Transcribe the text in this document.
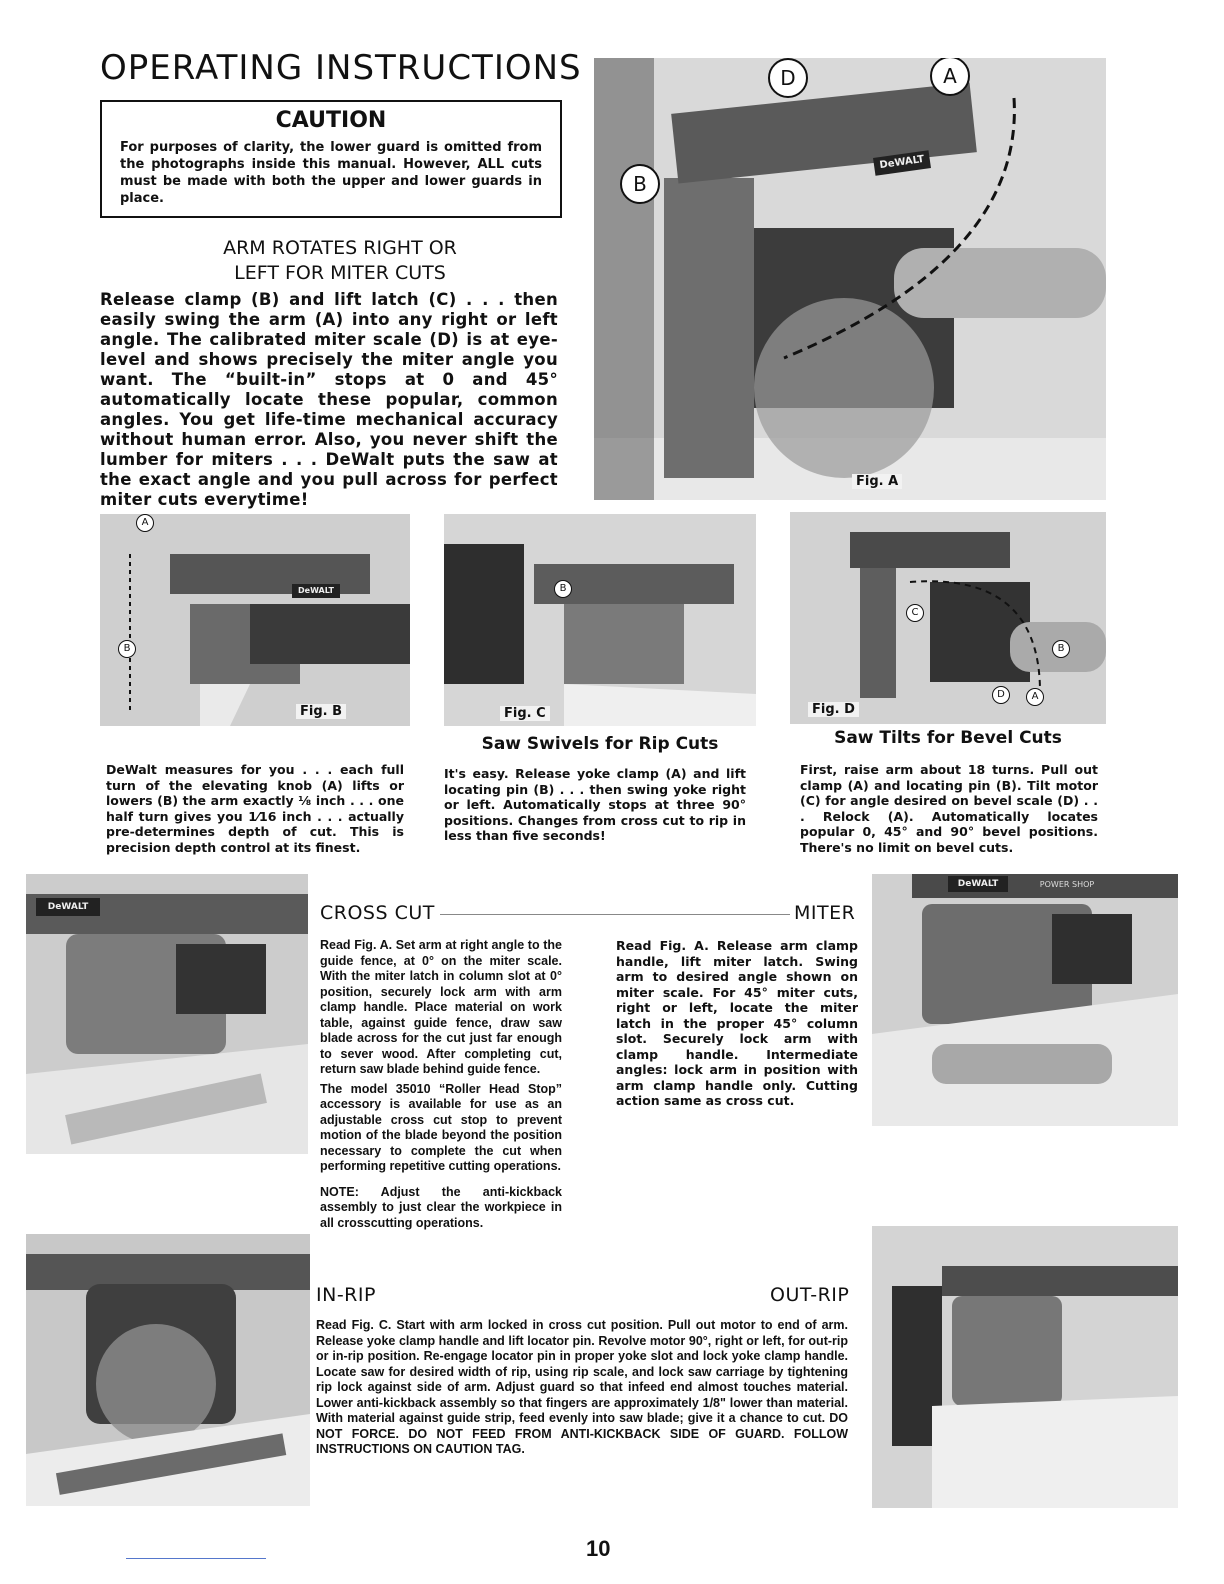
OPERATING INSTRUCTIONS
CAUTION
For purposes of clarity, the lower guard is omitted from the photographs inside this manual. However, ALL cuts must be made with both the upper and lower guards in place.
ARM ROTATES RIGHT OR
LEFT FOR MITER CUTS
Release clamp (B) and lift latch (C) . . . then easily swing the arm (A) into any right or left angle. The calibrated miter scale (D) is at eye-level and shows precisely the miter angle you want. The “built-in” stops at 0 and 45° automatically locate these popular, common angles. You get life-time mechanical accuracy without human error. Also, you never shift the lumber for miters . . . DeWalt puts the saw at the exact angle and you pull across for perfect miter cuts everytime!
DeWALT
D	A
B
Fig. A
DeWALT
A
B
Fig. B
B
Fig. C
C
B
D	A
Fig. D
DeWalt measures for you . . . each full turn of the elevating knob (A) lifts or lowers (B) the arm exactly ⅛ inch . . . one half turn gives you 1⁄16 inch . . . actually pre-determines depth of cut. This is precision depth control at its finest.
Saw Swivels for Rip Cuts
It's easy. Release yoke clamp (A) and lift locating pin (B) . . . then swing yoke right or left. Automatically stops at three 90° positions. Changes from cross cut to rip in less than five seconds!
Saw Tilts for Bevel Cuts
First, raise arm about 18 turns. Pull out clamp (A) and locating pin (B). Tilt motor (C) for angle desired on bevel scale (D) . . . Relock (A). Automatically locates popular 0, 45° and 90° bevel positions. There's no limit on bevel cuts.
DeWALT
DeWALT	POWER SHOP
CROSS CUT	MITER
Read Fig. A. Set arm at right angle to the guide fence, at 0° on the miter scale. With the miter latch in column slot at 0° position, securely lock arm with arm clamp handle. Place material on work table, against guide fence, draw saw blade across for the cut just far enough to sever wood. After completing cut, return saw blade behind guide fence.
The model 35010 “Roller Head Stop” accessory is available for use as an adjustable cross cut stop to prevent motion of the blade beyond the position necessary to complete the cut when performing repetitive cutting operations.
NOTE: Adjust the anti-kickback assembly to just clear the workpiece in all crosscutting operations.
Read Fig. A. Release arm clamp handle, lift miter latch. Swing arm to desired angle shown on miter scale. For 45° miter cuts, right or left, locate the miter latch in the proper 45° column slot. Securely lock arm with clamp handle. Intermediate angles: lock arm in position with arm clamp handle only. Cutting action same as cross cut.
IN-RIP	OUT-RIP
Read Fig. C. Start with arm locked in cross cut position. Pull out motor to end of arm. Release yoke clamp handle and lift locator pin. Revolve motor 90°, right or left, for out-rip or in-rip position. Re-engage locator pin in proper yoke slot and lock yoke clamp handle. Locate saw for desired width of rip, using rip scale, and lock saw carriage by tightening rip lock against side of arm. Adjust guard so that infeed end almost touches material. Lower anti-kickback assembly so that fingers are approximately 1/8" lower than material. With material against guide strip, feed evenly into saw blade; give it a chance to cut. DO NOT FORCE. DO NOT FEED FROM ANTI-KICKBACK SIDE OF GUARD. FOLLOW INSTRUCTIONS ON CAUTION TAG.
10
